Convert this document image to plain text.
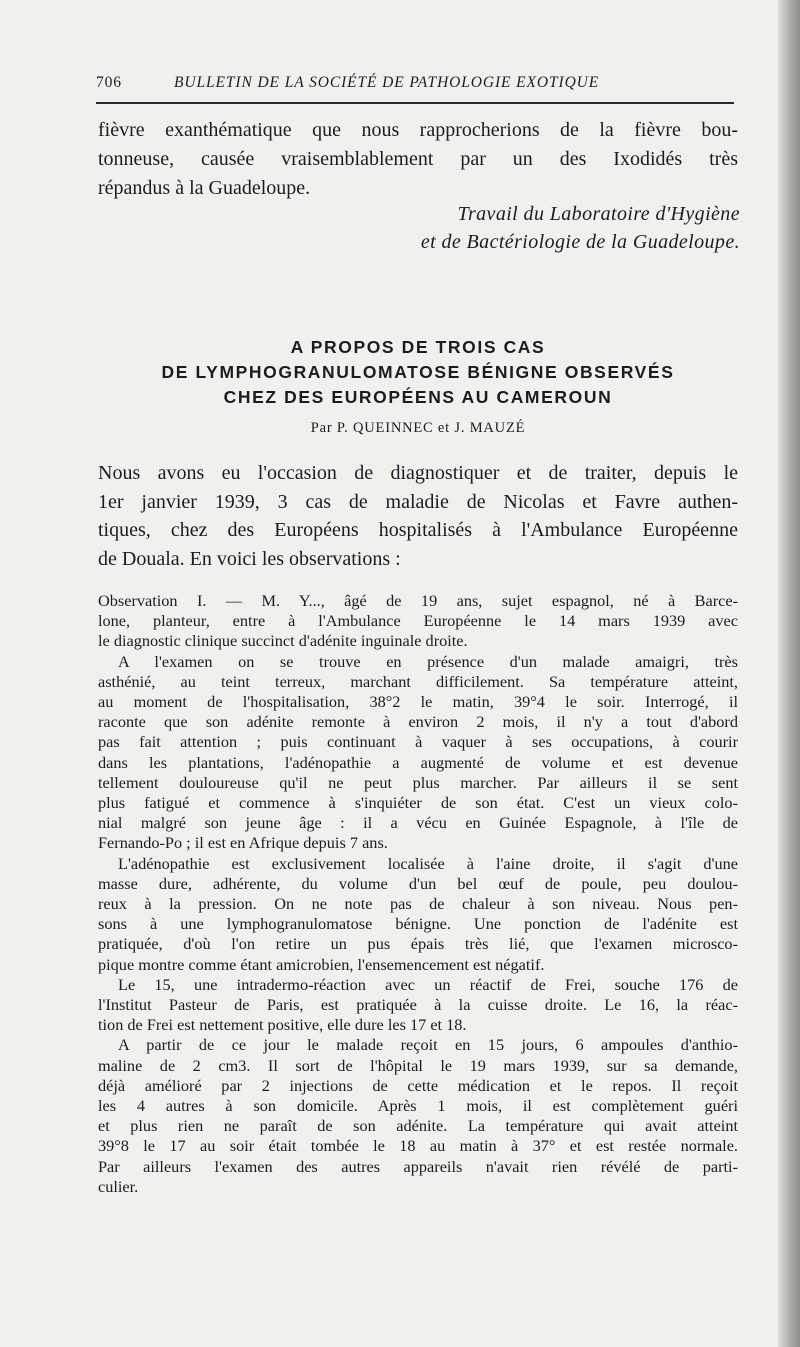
706	BULLETIN DE LA SOCIÉTÉ DE PATHOLOGIE EXOTIQUE
fièvre exanthématique que nous rapprocherions de la fièvre bou-
tonneuse, causée vraisemblablement par un des Ixodidés très
répandus à la Guadeloupe.
Travail du Laboratoire d'Hygiène
et de Bactériologie de la Guadeloupe.
A PROPOS DE TROIS CAS
DE LYMPHOGRANULOMATOSE BÉNIGNE OBSERVÉS
CHEZ DES EUROPÉENS AU CAMEROUN
Par P. QUEINNEC et J. MAUZÉ
Nous avons eu l'occasion de diagnostiquer et de traiter, depuis le
1er janvier 1939, 3 cas de maladie de Nicolas et Favre authen-
tiques, chez des Européens hospitalisés à l'Ambulance Européenne
de Douala. En voici les observations :
Observation I. — M. Y..., âgé de 19 ans, sujet espagnol, né à Barce-
lone, planteur, entre à l'Ambulance Européenne le 14 mars 1939 avec
le diagnostic clinique succinct d'adénite inguinale droite.
A l'examen on se trouve en présence d'un malade amaigri, très
asthénié, au teint terreux, marchant difficilement. Sa température atteint,
au moment de l'hospitalisation, 38°2 le matin, 39°4 le soir. Interrogé, il
raconte que son adénite remonte à environ 2 mois, il n'y a tout d'abord
pas fait attention ; puis continuant à vaquer à ses occupations, à courir
dans les plantations, l'adénopathie a augmenté de volume et est devenue
tellement douloureuse qu'il ne peut plus marcher. Par ailleurs il se sent
plus fatigué et commence à s'inquiéter de son état. C'est un vieux colo-
nial malgré son jeune âge : il a vécu en Guinée Espagnole, à l'île de
Fernando-Po ; il est en Afrique depuis 7 ans.
L'adénopathie est exclusivement localisée à l'aine droite, il s'agit d'une
masse dure, adhérente, du volume d'un bel œuf de poule, peu doulou-
reux à la pression. On ne note pas de chaleur à son niveau. Nous pen-
sons à une lymphogranulomatose bénigne. Une ponction de l'adénite est
pratiquée, d'où l'on retire un pus épais très lié, que l'examen microsco-
pique montre comme étant amicrobien, l'ensemencement est négatif.
Le 15, une intradermo-réaction avec un réactif de Frei, souche 176 de
l'Institut Pasteur de Paris, est pratiquée à la cuisse droite. Le 16, la réac-
tion de Frei est nettement positive, elle dure les 17 et 18.
A partir de ce jour le malade reçoit en 15 jours, 6 ampoules d'anthio-
maline de 2 cm3. Il sort de l'hôpital le 19 mars 1939, sur sa demande,
déjà amélioré par 2 injections de cette médication et le repos. Il reçoit
les 4 autres à son domicile. Après 1 mois, il est complètement guéri
et plus rien ne paraît de son adénite. La température qui avait atteint
39°8 le 17 au soir était tombée le 18 au matin à 37° et est restée normale.
Par ailleurs l'examen des autres appareils n'avait rien révélé de parti-
culier.
